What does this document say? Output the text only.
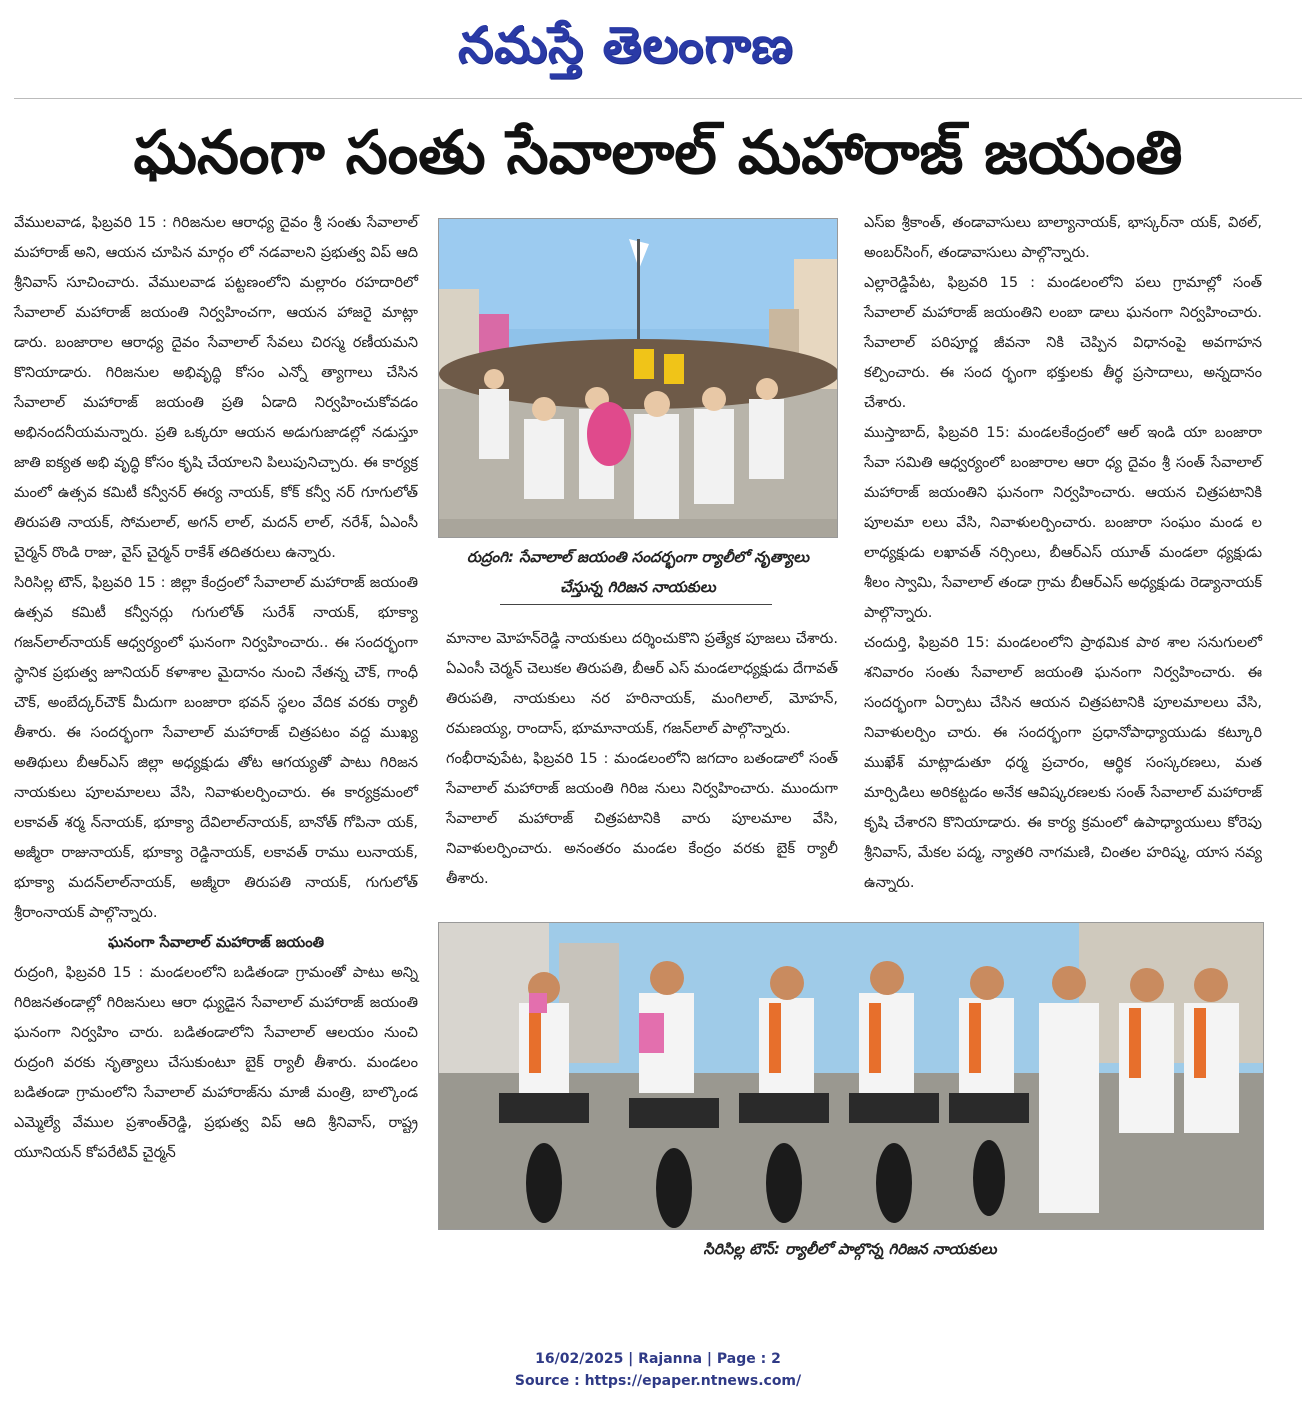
నమస్తే తెలంగాణ
ఘనంగా సంతు సేవాలాల్ మహారాజ్ జయంతి

వేములవాడ, ఫిబ్రవరి 15 : గిరిజనుల ఆరాధ్య దైవం శ్రీ సంతు సేవాలాల్ మహారాజ్ అని, ఆయన చూపిన మార్గం లో నడవాలని ప్రభుత్వ విప్ ఆది శ్రీనివాస్ సూచించారు. వేములవాడ పట్టణంలోని మల్లారం రహదారిలో సేవాలాల్ మహారాజ్ జయంతి నిర్వహించగా, ఆయన హాజరై మాట్లా డారు. బంజారాల ఆరాధ్య దైవం సేవాలాల్ సేవలు చిరస్మ రణీయమని కొనియాడారు. గిరిజనుల అభివృద్ధి కోసం ఎన్నో త్యాగాలు చేసిన సేవాలాల్ మహారాజ్ జయంతి ప్రతి ఏడాది నిర్వహించుకోవడం అభినందనీయమన్నారు. ప్రతి ఒక్కరూ ఆయన అడుగుజాడల్లో నడుస్తూ జాతి ఐక్యత అభి వృద్ధి కోసం కృషి చేయాలని పిలుపునిచ్చారు. ఈ కార్యక్ర మంలో ఉత్సవ కమిటీ కన్వీనర్ ఈర్య నాయక్, కోక్ కన్వీ నర్ గూగులోత్ తిరుపతి నాయక్, సోమలాల్, అగన్ లాల్, మదన్ లాల్, నరేశ్, ఏఎంసీ చైర్మన్ రొండి రాజు, వైస్ చైర్మన్ రాకేశ్ తదితరులు ఉన్నారు.

సిరిసిల్ల టౌన్, ఫిబ్రవరి 15 : జిల్లా కేంద్రంలో సేవాలాల్ మహారాజ్ జయంతి ఉత్సవ కమిటీ కన్వీనర్లు గుగులోత్ సురేశ్ నాయక్, భూక్యా గజన్‌లాల్‌నాయక్ ఆధ్వర్యంలో ఘనంగా నిర్వహించారు.. ఈ సందర్భంగా స్థానిక ప్రభుత్వ జూనియర్ కళాశాల మైదానం నుంచి నేతన్న చౌక్, గాంధీ చౌక్, అంబేద్కర్‌చౌక్ మీదుగా బంజారా భవన్ స్థలం వేదిక వరకు ర్యాలీ తీశారు. ఈ సందర్భంగా సేవాలాల్ మహారాజ్ చిత్రపటం వద్ద ముఖ్య అతిథులు బీఆర్‌ఎస్ జిల్లా అధ్యక్షుడు తోట ఆగయ్యతో పాటు గిరిజన నాయకులు పూలమాలలు వేసి, నివాళులర్పించారు. ఈ కార్యక్రమంలో లకావత్ శర్మ న్‌నాయక్, భూక్యా దేవిలాల్‌నాయక్, బానోత్ గోపినా యక్, అజ్మీరా రాజునాయక్, భూక్యా రెడ్డినాయక్, లకావత్ రాము లునాయక్, భూక్యా మదన్‌లాల్‌నాయక్, అజ్మీరా తిరుపతి నాయక్, గుగులోత్ శ్రీరాంనాయక్ పాల్గొన్నారు.

ఘనంగా సేవాలాల్ మహారాజ్ జయంతి

రుద్రంగి, ఫిబ్రవరి 15 : మండలంలోని బడితండా గ్రామంతో పాటు అన్ని గిరిజనతండాల్లో గిరిజనులు ఆరా ధ్యుడైన సేవాలాల్ మహారాజ్ జయంతి ఘనంగా నిర్వహిం చారు. బడితండాలోని సేవాలాల్ ఆలయం నుంచి రుద్రంగి వరకు నృత్యాలు చేసుకుంటూ బైక్ ర్యాలీ తీశారు. మండలం బడితండా గ్రామంలోని సేవాలాల్ మహారాజ్‌ను మాజీ మంత్రి, బాల్కొండ ఎమ్మెల్యే వేముల ప్రశాంత్‌రెడ్డి, ప్రభుత్వ విప్ ఆది శ్రీనివాస్, రాష్ట్ర యూనియన్ కోపరేటివ్ చైర్మన్

రుద్రంగి: సేవాలాల్ జయంతి సందర్భంగా ర్యాలీలో నృత్యాలు చేస్తున్న గిరిజన నాయకులు

మానాల మోహన్‌రెడ్డి నాయకులు దర్శించుకొని ప్రత్యేక పూజలు చేశారు. ఏఎంసీ చెర్మన్ చెలుకల తిరుపతి, బీఆర్ ఎస్ మండలాధ్యక్షుడు దేగావత్ తిరుపతి, నాయకులు నర హరినాయక్, మంగిలాల్, మోహన్, రమణయ్య, రాందాస్, భూమానాయక్, గజన్‌లాల్ పాల్గొన్నారు.

గంభీరావుపేట, ఫిబ్రవరి 15 : మండలంలోని జగదాం బతండాలో సంత్ సేవాలాల్ మహారాజ్ జయంతి గిరిజ నులు నిర్వహించారు. ముందుగా సేవాలాల్ మహారాజ్ చిత్రపటానికి వారు పూలమాల వేసి, నివాళులర్పించారు. అనంతరం మండల కేంద్రం వరకు బైక్ ర్యాలీ తీశారు.

ఎస్ఐ శ్రీకాంత్, తండావాసులు బాల్యానాయక్, భాస్కర్‌నా యక్, విఠల్, అంబర్‌సింగ్, తండావాసులు పాల్గొన్నారు.

ఎల్లారెడ్డిపేట, ఫిబ్రవరి 15 : మండలంలోని పలు గ్రామాల్లో సంత్ సేవాలాల్ మహారాజ్ జయంతిని లంబా డాలు ఘనంగా నిర్వహించారు. సేవాలాల్ పరిపూర్ణ జీవనా నికి చెప్పిన విధానంపై అవగాహన కల్పించారు. ఈ సంద ర్భంగా భక్తులకు తీర్థ ప్రసాదాలు, అన్నదానం చేశారు.

ముస్తాబాద్, ఫిబ్రవరి 15: మండలకేంద్రంలో ఆల్ ఇండి యా బంజారా సేవా సమితి ఆధ్వర్యంలో బంజారాల ఆరా ధ్య దైవం శ్రీ సంత్ సేవాలాల్ మహారాజ్ జయంతిని ఘనంగా నిర్వహించారు. ఆయన చిత్రపటానికి పూలమా లలు వేసి, నివాళులర్పించారు. బంజారా సంఘం మండ ల లాధ్యక్షుడు లఖావత్ నర్సింలు, బీఆర్‌ఎస్ యూత్ మండలా ధ్యక్షుడు శీలం స్వామి, సేవాలాల్ తండా గ్రామ బీఆర్‌ఎస్ అధ్యక్షుడు రెడ్యానాయక్ పాల్గొన్నారు.

చందుర్తి, ఫిబ్రవరి 15: మండలంలోని ప్రాథమిక పాఠ శాల సనుగులలో శనివారం సంతు సేవాలాల్ జయంతి ఘనంగా నిర్వహించారు. ఈ సందర్భంగా ఏర్పాటు చేసిన ఆయన చిత్రపటానికి పూలమాలలు వేసి, నివాళులర్పిం చారు. ఈ సందర్భంగా ప్రధానోపాధ్యాయుడు కట్కూరి ముఖేశ్ మాట్లాడుతూ ధర్మ ప్రచారం, ఆర్థిక సంస్కరణలు, మత మార్పిడిలు అరికట్టడం అనేక ఆవిష్కరణలకు సంత్ సేవాలాల్ మహారాజ్ కృషి చేశారని కొనియాడారు. ఈ కార్య క్రమంలో ఉపాధ్యాయులు కోరెపు శ్రీనివాస్, మేకల పద్మ, న్యాతరి నాగమణి, చింతల హరిష్మ, యాస నవ్య ఉన్నారు.

సిరిసిల్ల టౌన్: ర్యాలీలో పాల్గొన్న గిరిజన నాయకులు
16/02/2025 | Rajanna | Page : 2
Source : https://epaper.ntnews.com/
